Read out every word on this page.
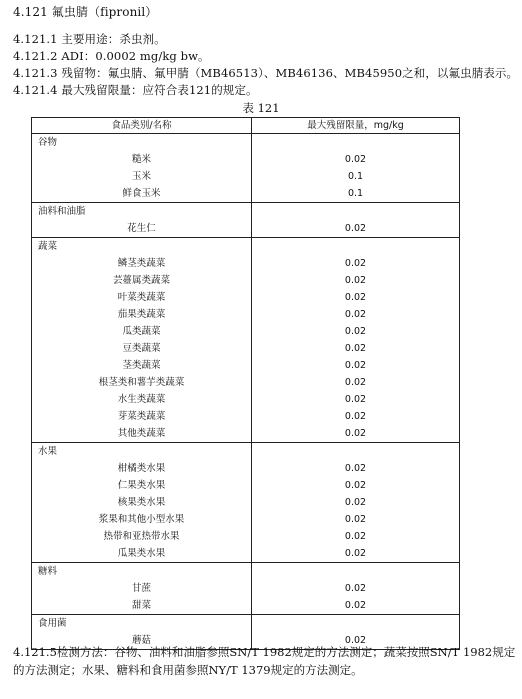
4.121 氟虫腈（fipronil）
4.121.1 主要用途：杀虫剂。
4.121.2 ADI：0.0002 mg/kg bw。
4.121.3 残留物：氟虫腈、氟甲腈（MB46513）、MB46136、MB45950之和，以氟虫腈表示。
4.121.4 最大残留限量：应符合表121的规定。
表 121
食品类别/名称	最大残留限量，mg/kg
谷物	
糙米	0.02
玉米	0.1
鲜食玉米	0.1
油料和油脂	
花生仁	0.02
蔬菜	
鳞茎类蔬菜	0.02
芸薹属类蔬菜	0.02
叶菜类蔬菜	0.02
茄果类蔬菜	0.02
瓜类蔬菜	0.02
豆类蔬菜	0.02
茎类蔬菜	0.02
根茎类和薯芋类蔬菜	0.02
水生类蔬菜	0.02
芽菜类蔬菜	0.02
其他类蔬菜	0.02
水果	
柑橘类水果	0.02
仁果类水果	0.02
核果类水果	0.02
浆果和其他小型水果	0.02
热带和亚热带水果	0.02
瓜果类水果	0.02
糖料	
甘蔗	0.02
甜菜	0.02
食用菌	
蘑菇	0.02
4.121.5检测方法：谷物、油料和油脂参照SN/T 1982规定的方法测定；蔬菜按照SN/T 1982规定
的方法测定；水果、糖料和食用菌参照NY/T 1379规定的方法测定。
